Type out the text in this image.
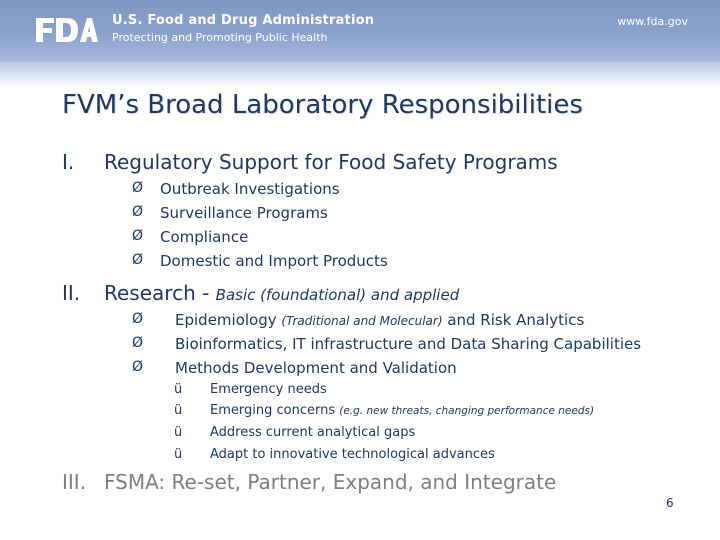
U.S. Food and Drug Administration
Protecting and Promoting Public Health
www.fda.gov
FVM’s Broad Laboratory Responsibilities
I. Regulatory Support for Food Safety Programs
Ø Outbreak Investigations
Ø Surveillance Programs
Ø Compliance
Ø Domestic and Import Products
II. Research - Basic (foundational) and applied
Ø Epidemiology (Traditional and Molecular) and Risk Analytics
Ø Bioinformatics, IT infrastructure and Data Sharing Capabilities
Ø Methods Development and Validation
ü Emergency needs
ü Emerging concerns (e.g. new threats, changing performance needs)
ü Address current analytical gaps
ü Adapt to innovative technological advances
III. FSMA: Re-set, Partner, Expand, and Integrate
6
